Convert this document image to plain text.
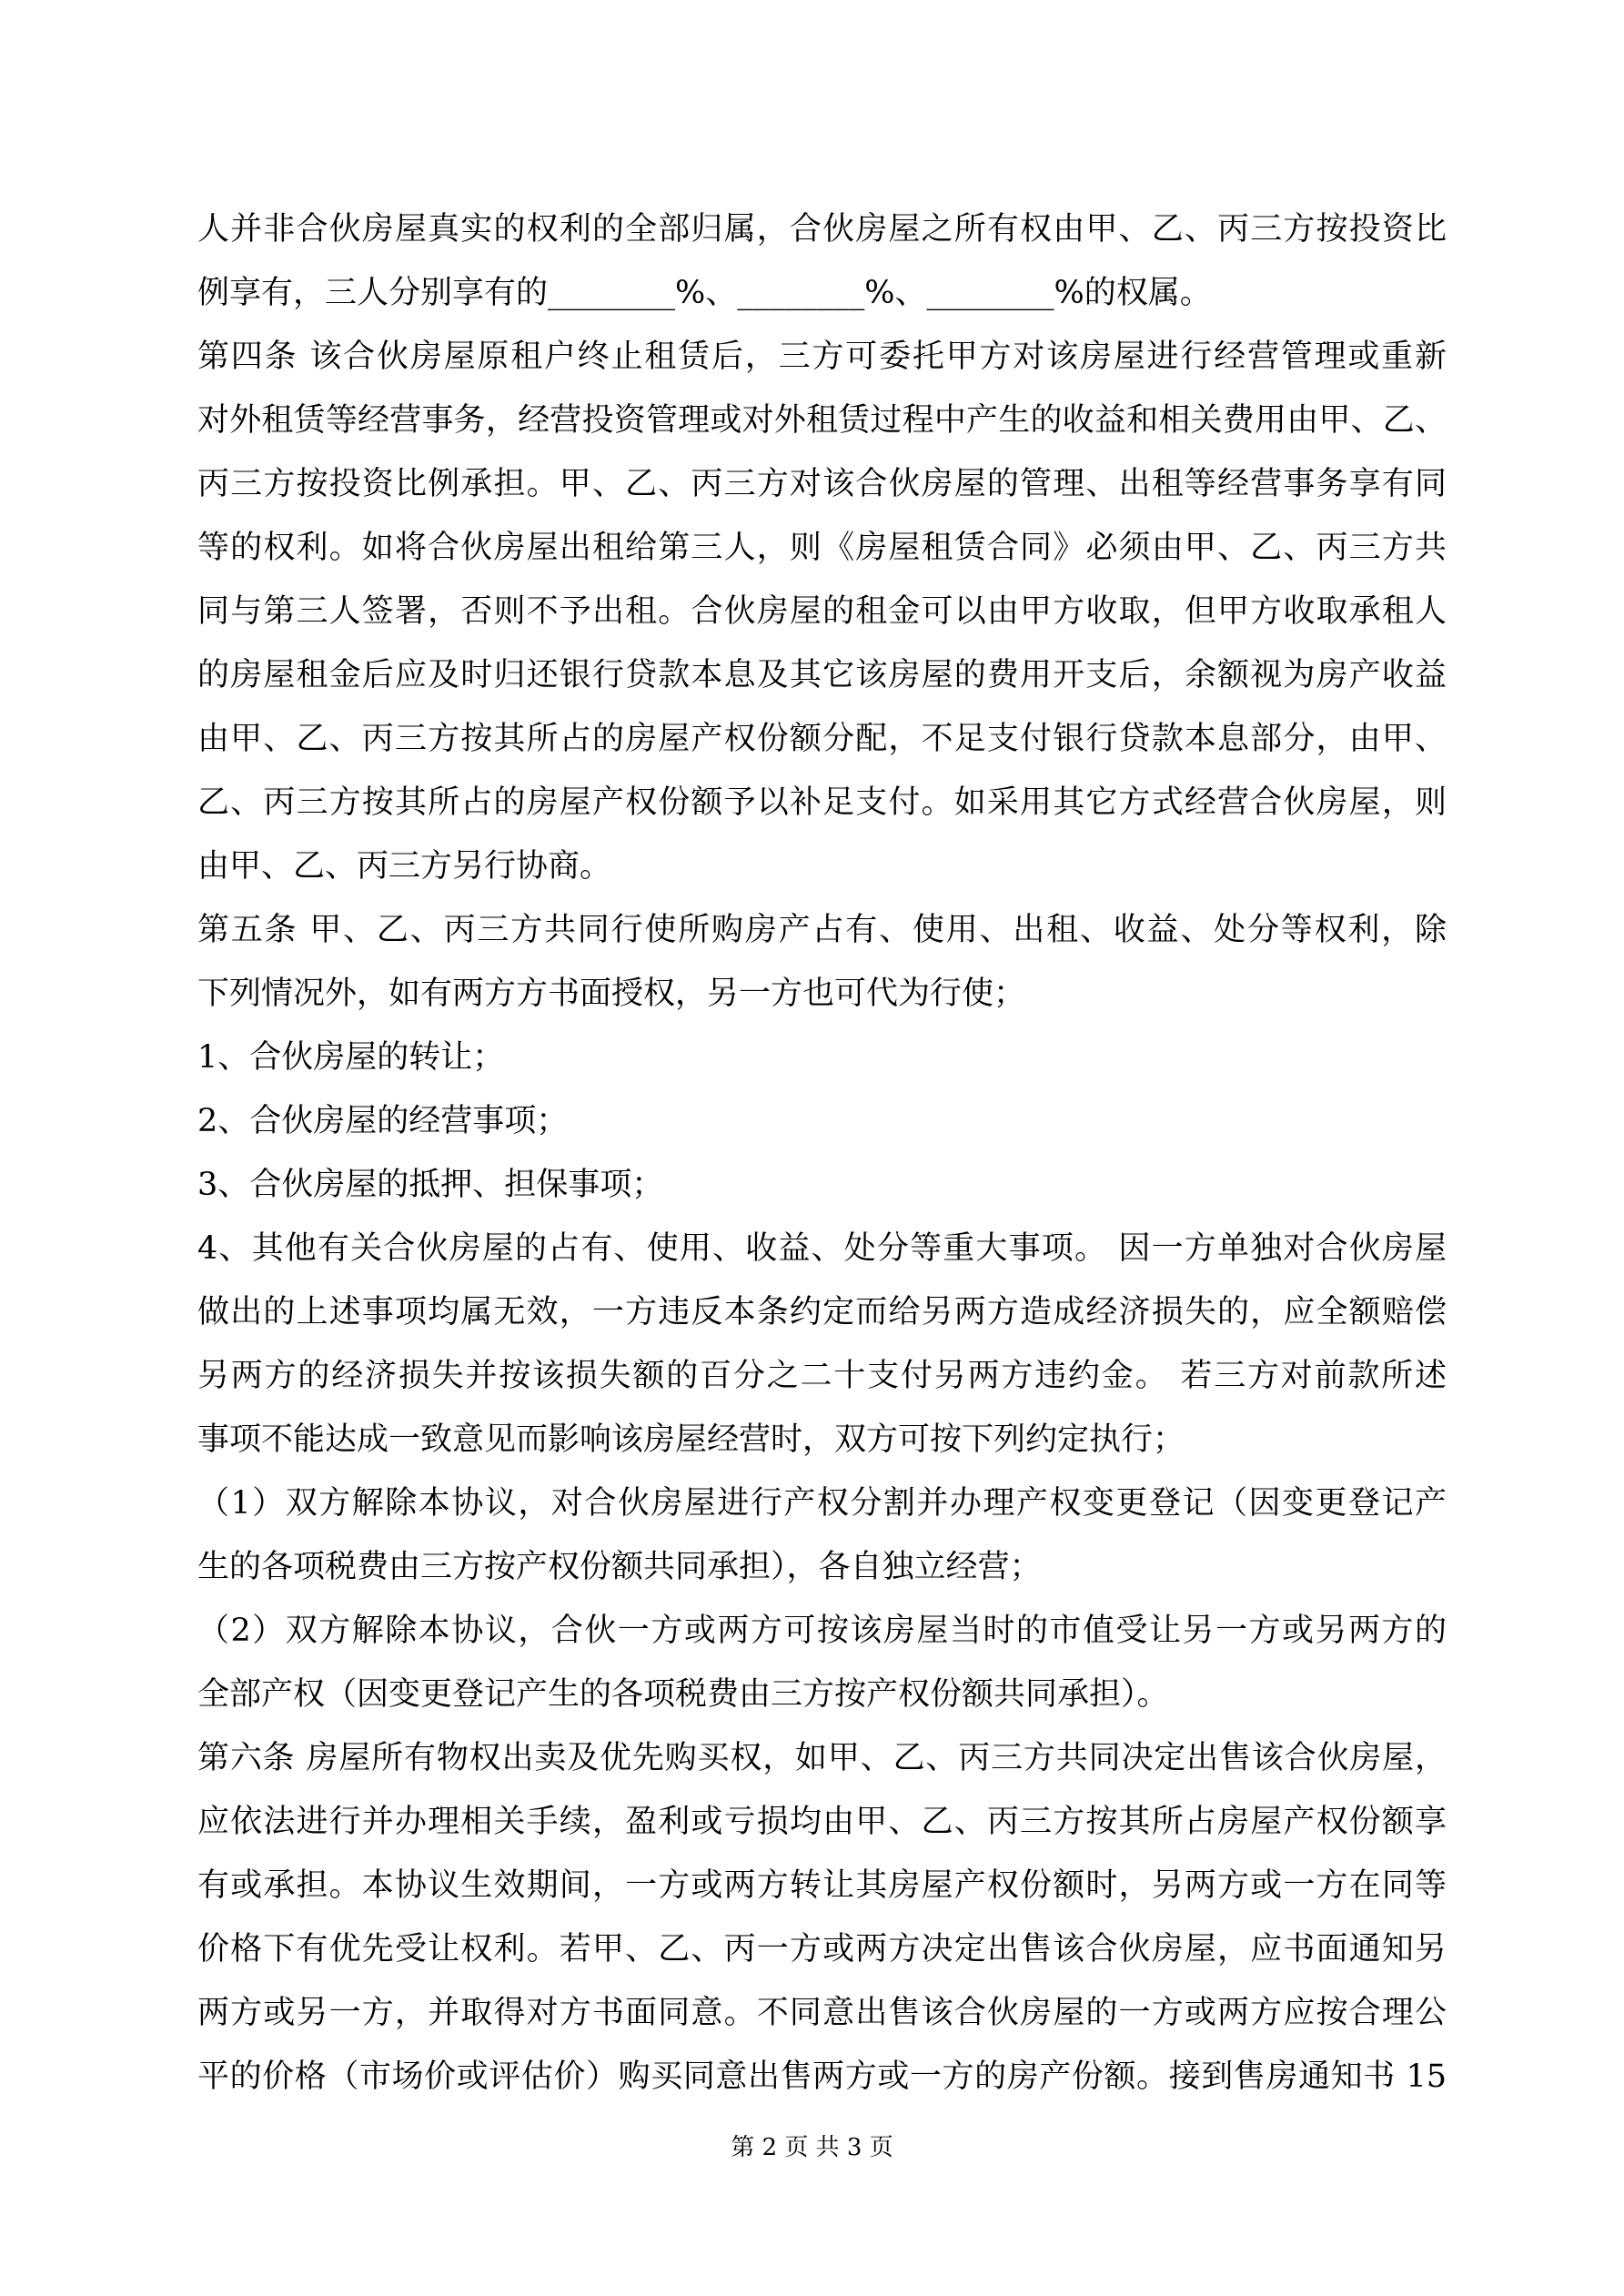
人并非合伙房屋真实的权利的全部归属，合伙房屋之所有权由甲、乙、丙三方按投资比
例享有，三人分别享有的________%、________%、________%的权属。
第四条 该合伙房屋原租户终止租赁后，三方可委托甲方对该房屋进行经营管理或重新
对外租赁等经营事务，经营投资管理或对外租赁过程中产生的收益和相关费用由甲、乙、
丙三方按投资比例承担。甲、乙、丙三方对该合伙房屋的管理、出租等经营事务享有同
等的权利。如将合伙房屋出租给第三人，则《房屋租赁合同》必须由甲、乙、丙三方共
同与第三人签署，否则不予出租。合伙房屋的租金可以由甲方收取，但甲方收取承租人
的房屋租金后应及时归还银行贷款本息及其它该房屋的费用开支后，余额视为房产收益
由甲、乙、丙三方按其所占的房屋产权份额分配，不足支付银行贷款本息部分，由甲、
乙、丙三方按其所占的房屋产权份额予以补足支付。如采用其它方式经营合伙房屋，则
由甲、乙、丙三方另行协商。
第五条 甲、乙、丙三方共同行使所购房产占有、使用、出租、收益、处分等权利，除
下列情况外，如有两方方书面授权，另一方也可代为行使；
1、合伙房屋的转让；
2、合伙房屋的经营事项；
3、合伙房屋的抵押、担保事项；
4、其他有关合伙房屋的占有、使用、收益、处分等重大事项。 因一方单独对合伙房屋
做出的上述事项均属无效，一方违反本条约定而给另两方造成经济损失的，应全额赔偿
另两方的经济损失并按该损失额的百分之二十支付另两方违约金。 若三方对前款所述
事项不能达成一致意见而影响该房屋经营时，双方可按下列约定执行；
（1）双方解除本协议，对合伙房屋进行产权分割并办理产权变更登记（因变更登记产
生的各项税费由三方按产权份额共同承担），各自独立经营；
（2）双方解除本协议，合伙一方或两方可按该房屋当时的市值受让另一方或另两方的
全部产权（因变更登记产生的各项税费由三方按产权份额共同承担）。
第六条 房屋所有物权出卖及优先购买权，如甲、乙、丙三方共同决定出售该合伙房屋，
应依法进行并办理相关手续，盈利或亏损均由甲、乙、丙三方按其所占房屋产权份额享
有或承担。本协议生效期间，一方或两方转让其房屋产权份额时，另两方或一方在同等
价格下有优先受让权利。若甲、乙、丙一方或两方决定出售该合伙房屋，应书面通知另
两方或另一方，并取得对方书面同意。不同意出售该合伙房屋的一方或两方应按合理公
平的价格（市场价或评估价）购买同意出售两方或一方的房产份额。接到售房通知书 15
第 2 页 共 3 页
